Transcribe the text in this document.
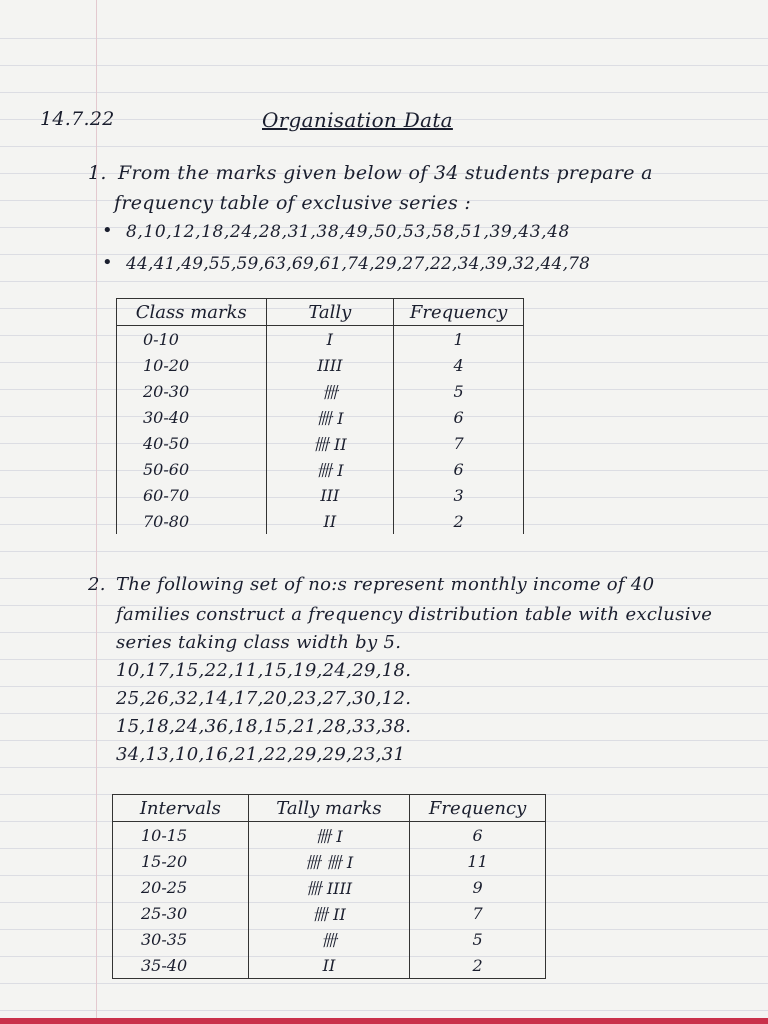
14.7.22	Organisation Data
1. From the marks given below of 34 students prepare a
frequency table of exclusive series :
• 8,10,12,18,24,28,31,38,49,50,53,58,51,39,43,48
• 44,41,49,55,59,63,69,61,74,29,27,22,34,39,32,44,78
Class marks	Tally	Frequency
0-10	I	1
10-20	IIII	4
20-30	卌	5
30-40	卌 I	6
40-50	卌 II	7
50-60	卌 I	6
60-70	III	3
70-80	II	2
2. The following set of no:s represent monthly income of 40
families construct a frequency distribution table with exclusive
series taking class width by 5.
10,17,15,22,11,15,19,24,29,18.
25,26,32,14,17,20,23,27,30,12.
15,18,24,36,18,15,21,28,33,38.
34,13,10,16,21,22,29,29,23,31
Intervals	Tally marks	Frequency
10-15	卌 I	6
15-20	卌 卌 I	11
20-25	卌 IIII	9
25-30	卌 II	7
30-35	卌	5
35-40	II	2
